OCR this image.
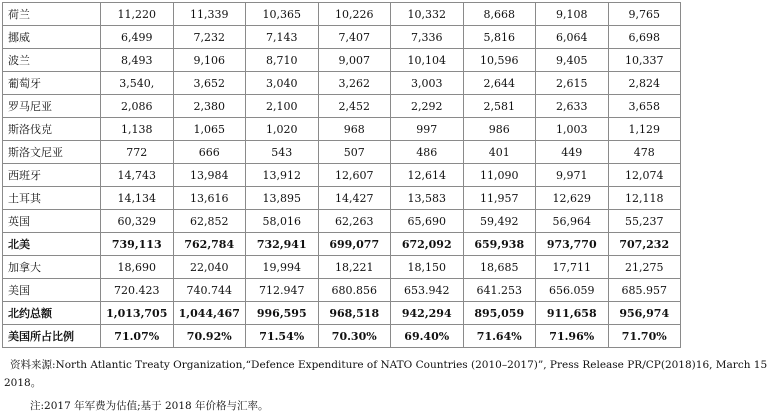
荷兰	11,220	11,339	10,365	10,226	10,332	8,668	9,108	9,765
挪威	6,499	7,232	7,143	7,407	7,336	5,816	6,064	6,698
波兰	8,493	9,106	8,710	9,007	10,104	10,596	9,405	10,337
葡萄牙	3,540,	3,652	3,040	3,262	3,003	2,644	2,615	2,824
罗马尼亚	2,086	2,380	2,100	2,452	2,292	2,581	2,633	3,658
斯洛伐克	1,138	1,065	1,020	968	997	986	1,003	1,129
斯洛文尼亚	772	666	543	507	486	401	449	478
西班牙	14,743	13,984	13,912	12,607	12,614	11,090	9,971	12,074
土耳其	14,134	13,616	13,895	14,427	13,583	11,957	12,629	12,118
英国	60,329	62,852	58,016	62,263	65,690	59,492	56,964	55,237
北美	739,113	762,784	732,941	699,077	672,092	659,938	973,770	707,232
加拿大	18,690	22,040	19,994	18,221	18,150	18,685	17,711	21,275
美国	720.423	740.744	712.947	680.856	653.942	641.253	656.059	685.957
北约总额	1,013,705	1,044,467	996,595	968,518	942,294	895,059	911,658	956,974
美国所占比例	71.07%	70.92%	71.54%	70.30%	69.40%	71.64%	71.96%	71.70%
资料来源:North Atlantic Treaty Organization,“Defence Expenditure of NATO Countries (2010–2017)”, Press Release PR/CP(2018)16, March 15
2018。
注:2017 年军费为估值;基于 2018 年价格与汇率。
